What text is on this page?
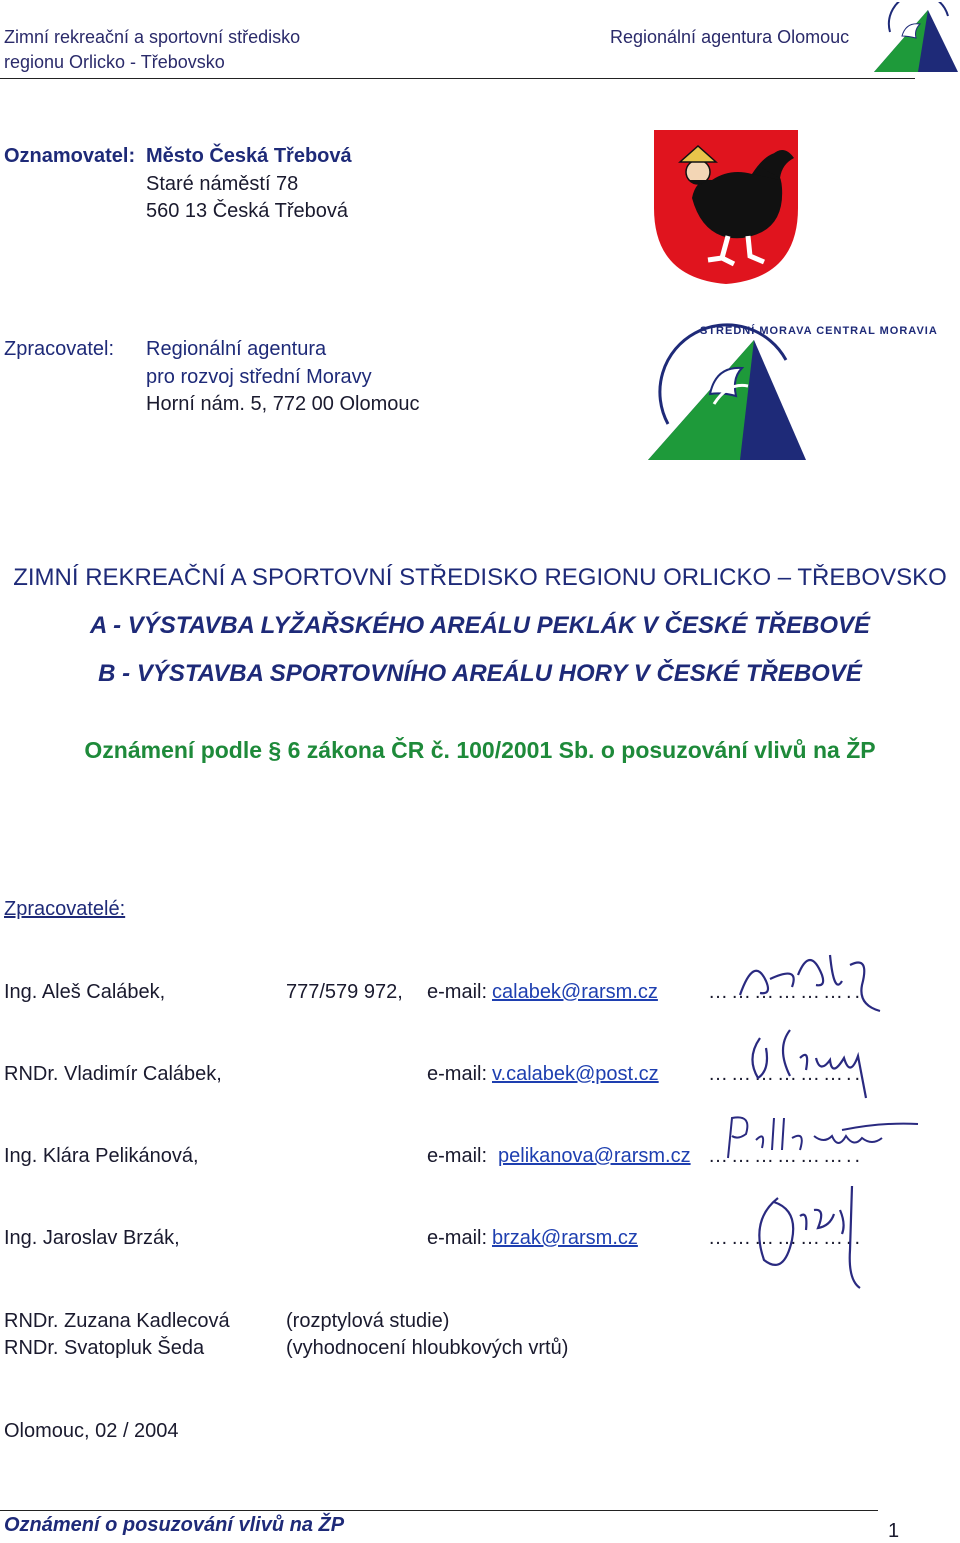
Zimní rekreační a sportovní středisko
regionu Orlicko - Třebovsko
Regionální agentura Olomouc
Oznamovatel: Město Česká Třebová
Staré náměstí 78
560 13 Česká Třebová
Zpracovatel: Regionální agentura
pro rozvoj střední Moravy
Horní nám. 5, 772 00 Olomouc
STŘEDNÍ MORAVA CENTRAL MORAVIA
ZIMNÍ REKREAČNÍ A SPORTOVNÍ STŘEDISKO REGIONU ORLICKO – TŘEBOVSKO
A - VÝSTAVBA LYŽAŘSKÉHO AREÁLU PEKLÁK V ČESKÉ TŘEBOVÉ
B - VÝSTAVBA SPORTOVNÍHO AREÁLU HORY V ČESKÉ TŘEBOVÉ
Oznámení podle § 6 zákona ČR č. 100/2001 Sb. o posuzování vlivů na ŽP
Zpracovatelé:
Ing. Aleš Calábek,	777/579 972, e-mail: calabek@rarsm.cz	………………..
RNDr. Vladimír Calábek,	e-mail: v.calabek@post.cz ………………..
Ing. Klára Pelikánová,	e-mail: pelikanova@rarsm.cz ………………..
Ing. Jaroslav Brzák,	e-mail: brzak@rarsm.cz	………………..
RNDr. Zuzana Kadlecová	(rozptylová studie)
RNDr. Svatopluk Šeda	(vyhodnocení hloubkových vrtů)
Olomouc, 02 / 2004
Oznámení o posuzování vlivů na ŽP	1
